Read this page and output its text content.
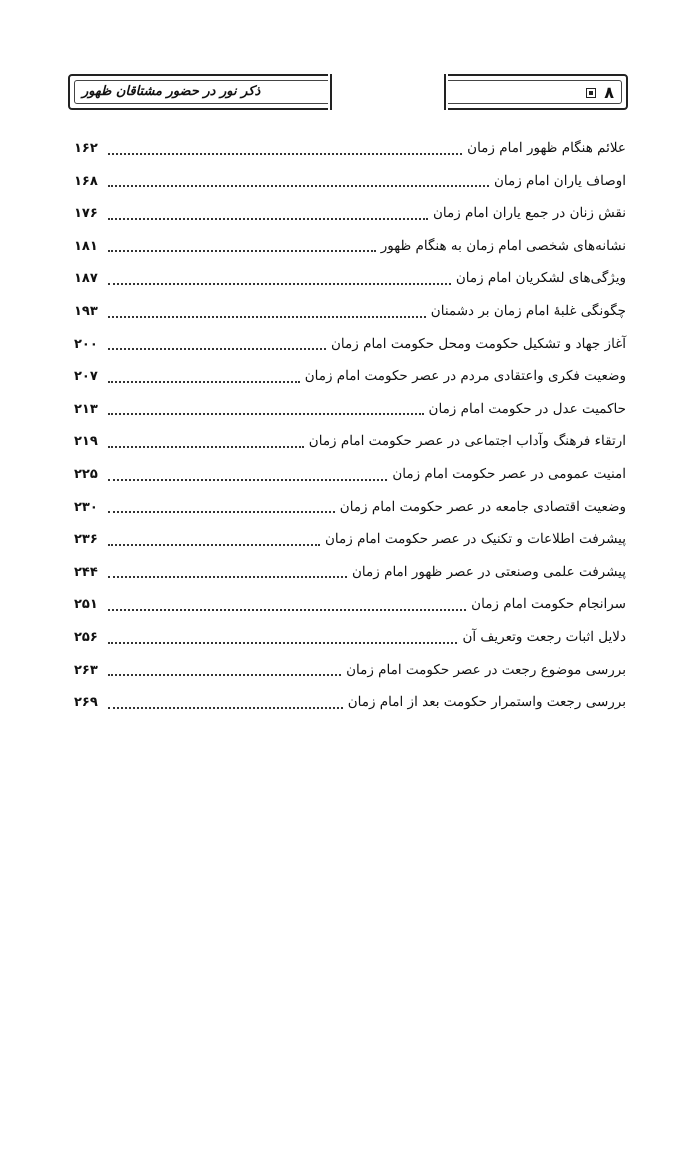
ذکر نور در حضور مشتاقان ظهور	۸
علائم هنگام ظهور امام زمان
۱۶۲
اوصاف یاران امام زمان
۱۶۸
نقش زنان در جمع یاران امام زمان
۱۷۶
نشانه‌های شخصی امام زمان به هنگام ظهور
۱۸۱
ویژگی‌های لشکریان امام زمان
۱۸۷
چگونگی غلبهٔ امام زمان بر دشمنان
۱۹۳
آغاز جهاد و تشکیل حکومت ومحل حکومت امام زمان
۲۰۰
وضعیت فکری واعتقادی مردم در عصر حکومت امام زمان
۲۰۷
حاکمیت عدل در حکومت امام زمان
۲۱۳
ارتقاء فرهنگ وآداب اجتماعی در عصر حکومت امام زمان
۲۱۹
امنیت عمومی در عصر حکومت امام زمان
۲۲۵
وضعیت اقتصادی جامعه در عصر حکومت امام زمان
۲۳۰
پیشرفت اطلاعات و تکنیک در عصر حکومت امام زمان
۲۳۶
پیشرفت علمی وصنعتی در عصر ظهور امام زمان
۲۴۴
سرانجام حکومت امام زمان
۲۵۱
دلایل اثبات رجعت وتعریف آن
۲۵۶
بررسی موضوع رجعت در عصر حکومت امام زمان
۲۶۳
بررسی رجعت واستمرار حکومت بعد از امام زمان
۲۶۹
